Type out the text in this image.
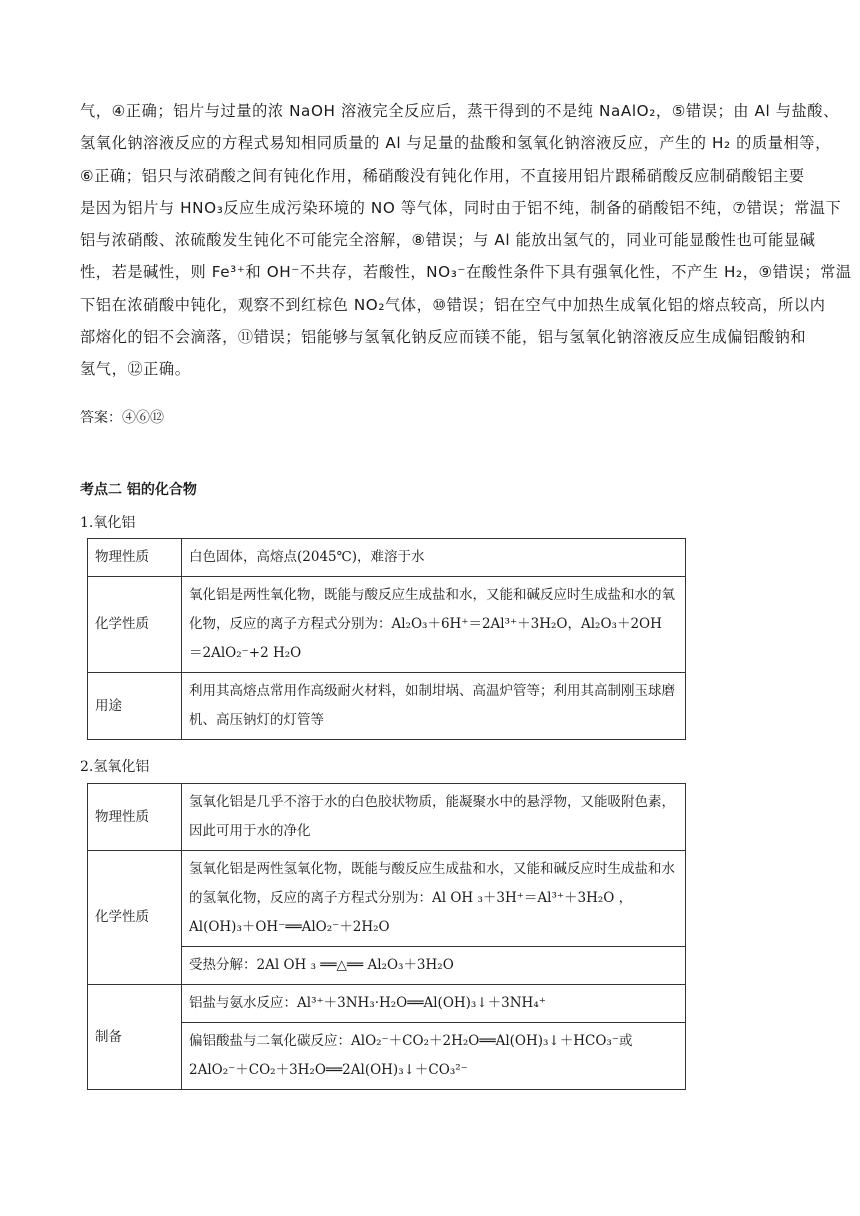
气，④正确；铝片与过量的浓 NaOH 溶液完全反应后，蒸干得到的不是纯 NaAlO₂，⑤错误；由 Al 与盐酸、
氢氧化钠溶液反应的方程式易知相同质量的 Al 与足量的盐酸和氢氧化钠溶液反应，产生的 H₂ 的质量相等，
⑥正确；铝只与浓硝酸之间有钝化作用，稀硝酸没有钝化作用，不直接用铝片跟稀硝酸反应制硝酸铝主要
是因为铝片与 HNO₃反应生成污染环境的 NO 等气体，同时由于铝不纯，制备的硝酸铝不纯，⑦错误；常温下
铝与浓硝酸、浓硫酸发生钝化不可能完全溶解，⑧错误；与 Al 能放出氢气的，同业可能显酸性也可能显碱
性，若是碱性，则 Fe³⁺和 OH⁻不共存，若酸性，NO₃⁻在酸性条件下具有强氧化性，不产生 H₂，⑨错误；常温
下铝在浓硝酸中钝化，观察不到红棕色 NO₂气体，⑩错误；铝在空气中加热生成氧化铝的熔点较高，所以内
部熔化的铝不会滴落，⑪错误；铝能够与氢氧化钠反应而镁不能，铝与氢氧化钠溶液反应生成偏铝酸钠和
氢气，⑫正确。
答案：④⑥⑫
考点二 铝的化合物
1.氧化铝
物理性质	白色固体，高熔点(2045℃)，难溶于水
化学性质	氧化铝是两性氧化物，既能与酸反应生成盐和水，又能和碱反应时生成盐和水的氧化物，反应的离子方程式分别为：Al₂O₃＋6H⁺＝2Al³⁺＋3H₂O，Al₂O₃＋2OH ＝2AlO₂⁻+2 H₂O
用途	利用其高熔点常用作高级耐火材料，如制坩埚、高温炉管等；利用其高制刚玉球磨机、高压钠灯的灯管等
2.氢氧化铝
物理性质	氢氧化铝是几乎不溶于水的白色胶状物质，能凝聚水中的悬浮物，又能吸附色素，因此可用于水的净化
化学性质	氢氧化铝是两性氢氧化物，既能与酸反应生成盐和水，又能和碱反应时生成盐和水的氢氧化物，反应的离子方程式分别为：Al OH ₃＋3H⁺＝Al³⁺＋3H₂O ，Al(OH)₃＋OH⁻══AlO₂⁻＋2H₂O
	受热分解：2Al OH ₃ ══△══ Al₂O₃＋3H₂O
制备	铝盐与氨水反应：Al³⁺＋3NH₃·H₂O══Al(OH)₃↓＋3NH₄⁺
	偏铝酸盐与二氧化碳反应：AlO₂⁻＋CO₂＋2H₂O══Al(OH)₃↓＋HCO₃⁻或2AlO₂⁻＋CO₂＋3H₂O══2Al(OH)₃↓＋CO₃²⁻
